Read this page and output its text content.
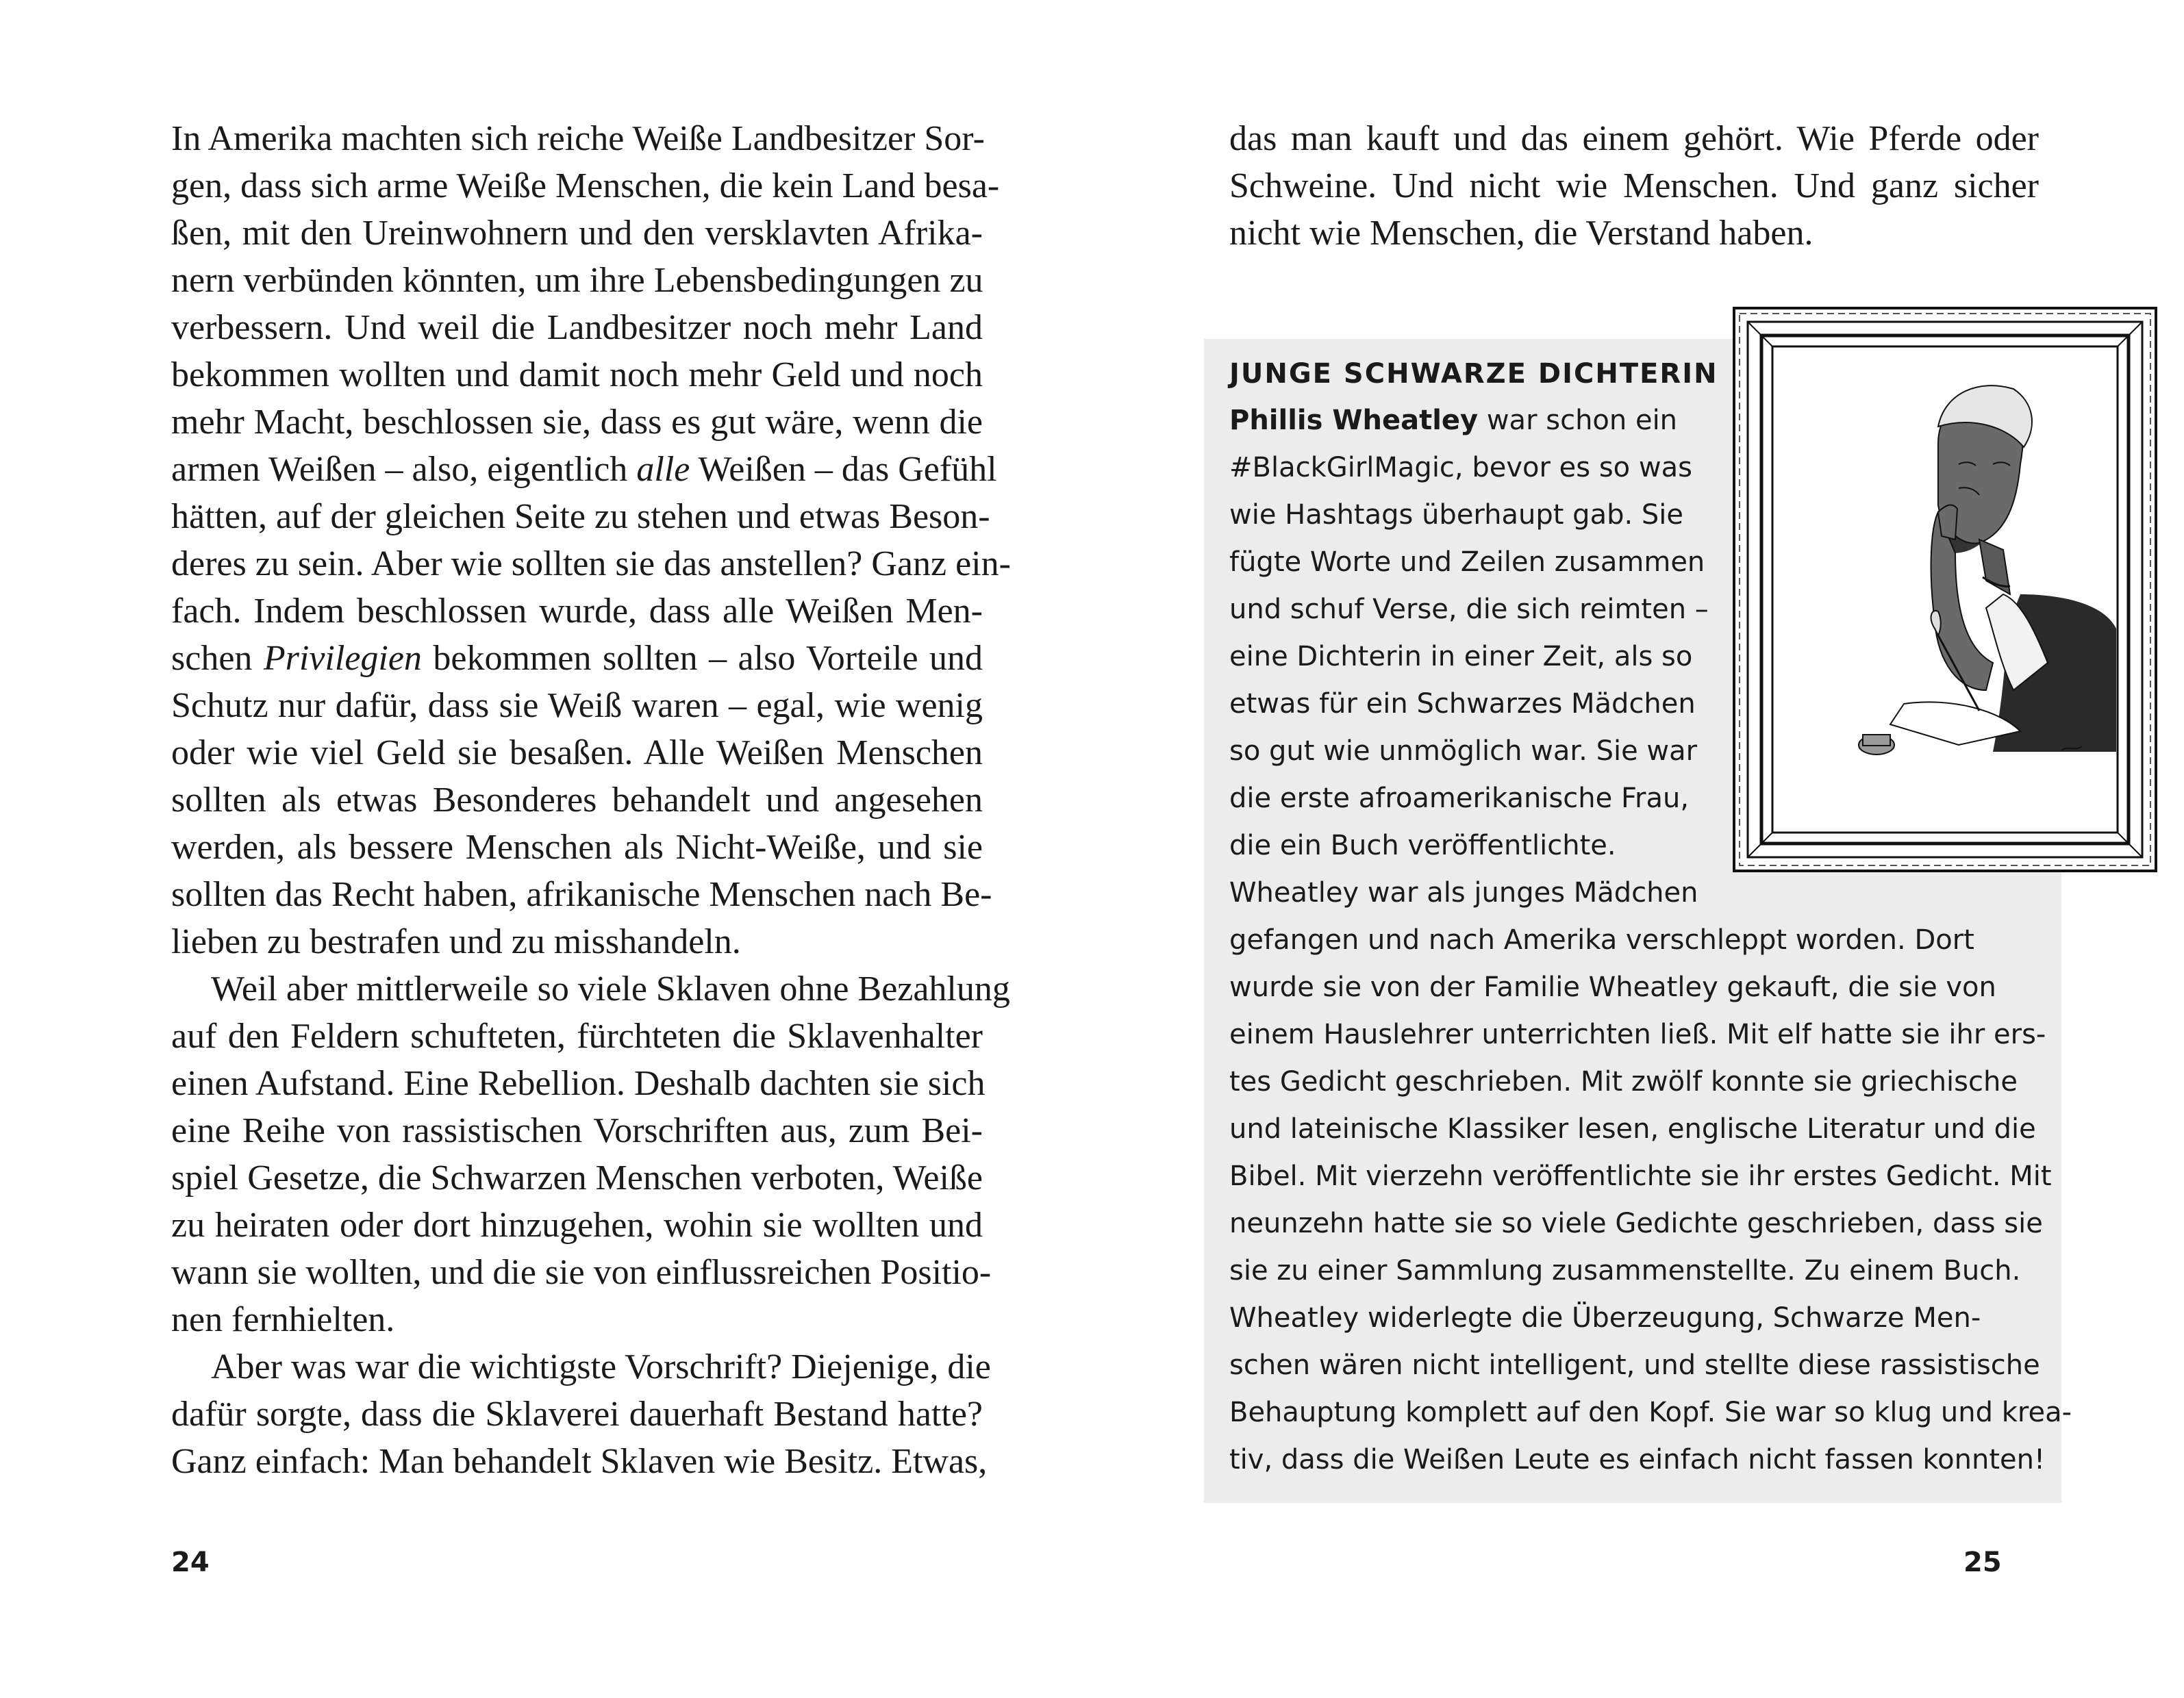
In Amerika machten sich reiche Weiße Landbesitzer Sor-

gen, dass sich arme Weiße Menschen, die kein Land besa-

ßen, mit den Ureinwohnern und den versklavten Afrika-

nern verbünden könnten, um ihre Lebensbedingungen zu

verbessern. Und weil die Landbesitzer noch mehr Land

bekommen wollten und damit noch mehr Geld und noch

mehr Macht, beschlossen sie, dass es gut wäre, wenn die

armen Weißen – also, eigentlich alle Weißen – das Gefühl

hätten, auf der gleichen Seite zu stehen und etwas Beson-

deres zu sein. Aber wie sollten sie das anstellen? Ganz ein-

fach. Indem beschlossen wurde, dass alle Weißen Men-

schen Privilegien bekommen sollten – also Vorteile und

Schutz nur dafür, dass sie Weiß waren – egal, wie wenig

oder wie viel Geld sie besaßen. Alle Weißen Menschen

sollten als etwas Besonderes behandelt und angesehen

werden, als bessere Menschen als Nicht-Weiße, und sie

sollten das Recht haben, afrikanische Menschen nach Be-

lieben zu bestrafen und zu misshandeln.

Weil aber mittlerweile so viele Sklaven ohne Bezahlung

auf den Feldern schufteten, fürchteten die Sklavenhalter

einen Aufstand. Eine Rebellion. Deshalb dachten sie sich

eine Reihe von rassistischen Vorschriften aus, zum Bei-

spiel Gesetze, die Schwarzen Menschen verboten, Weiße

zu heiraten oder dort hinzugehen, wohin sie wollten und

wann sie wollten, und die sie von einflussreichen Positio-

nen fernhielten.

Aber was war die wichtigste Vorschrift? Diejenige, die

dafür sorgte, dass die Sklaverei dauerhaft Bestand hatte?

Ganz einfach: Man behandelt Sklaven wie Besitz. Etwas,

24

das man kauft und das einem gehört. Wie Pferde oder

Schweine. Und nicht wie Menschen. Und ganz sicher

nicht wie Menschen, die Verstand haben.

JUNGE SCHWARZE DICHTERIN

Phillis Wheatley war schon ein

#BlackGirlMagic, bevor es so was

wie Hashtags überhaupt gab. Sie

fügte Worte und Zeilen zusammen

und schuf Verse, die sich reimten –

eine Dichterin in einer Zeit, als so

etwas für ein Schwarzes Mädchen

so gut wie unmöglich war. Sie war

die erste afroamerikanische Frau,

die ein Buch veröffentlichte.

Wheatley war als junges Mädchen

gefangen und nach Amerika verschleppt worden. Dort

wurde sie von der Familie Wheatley gekauft, die sie von

einem Hauslehrer unterrichten ließ. Mit elf hatte sie ihr ers-

tes Gedicht geschrieben. Mit zwölf konnte sie griechische

und lateinische Klassiker lesen, englische Literatur und die

Bibel. Mit vierzehn veröffentlichte sie ihr erstes Gedicht. Mit

neunzehn hatte sie so viele Gedichte geschrieben, dass sie

sie zu einer Sammlung zusammenstellte. Zu einem Buch.

Wheatley widerlegte die Überzeugung, Schwarze Men-

schen wären nicht intelligent, und stellte diese rassistische

Behauptung komplett auf den Kopf. Sie war so klug und krea-

tiv, dass die Weißen Leute es einfach nicht fassen konnten!

25
